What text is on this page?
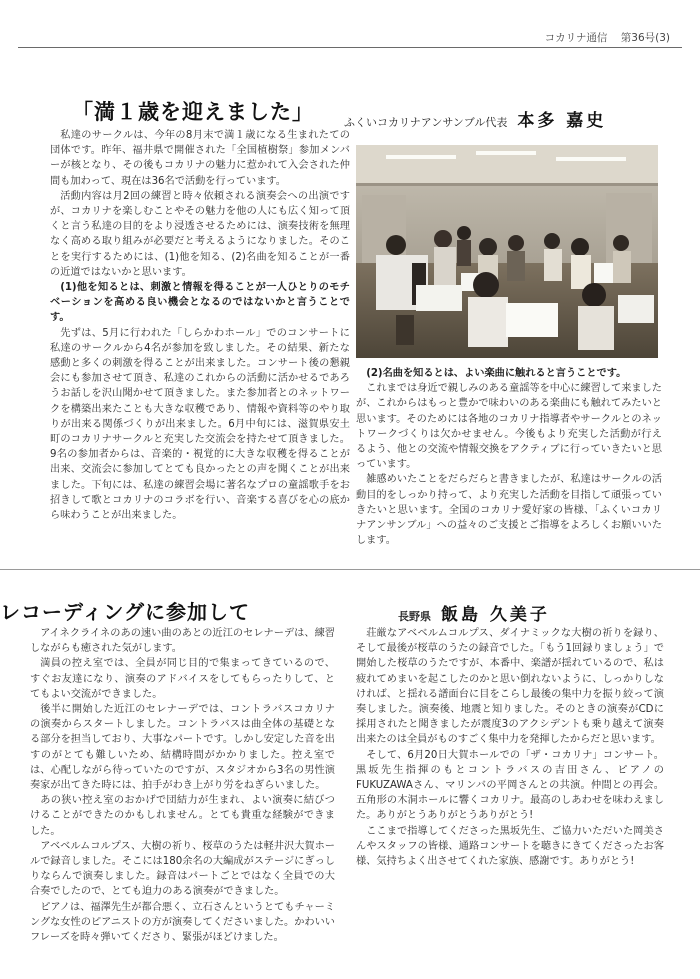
コカリナ通信 第36号(3)
「満１歳を迎えました」	ふくいコカリナアンサンブル代表 本多 嘉史

私達のサークルは、今年の8月末で満１歳になる生まれたての団体です。昨年、福井県で開催された「全国植樹祭」参加メンバーが核となり、その後もコカリナの魅力に惹かれて入会された仲間も加わって、現在は36名で活動を行っています。

活動内容は月2回の練習と時々依頼される演奏会への出演ですが、コカリナを楽しむことやその魅力を他の人にも広く知って頂くと言う私達の目的をより浸透させるためには、演奏技術を無理なく高める取り組みが必要だと考えるようになりました。そのことを実行するためには、(1)他を知る、(2)名曲を知ることが一番の近道ではないかと思います。

(1)他を知るとは、刺激と情報を得ることが一人ひとりのモチベーションを高める良い機会となるのではないかと言うことです。

先ずは、5月に行われた「しらかわホール」でのコンサートに私達のサークルから4名が参加を致しました。その結果、新たな感動と多くの刺激を得ることが出来ました。コンサート後の懇親会にも参加させて頂き、私達のこれからの活動に活かせるであろうお話しを沢山聞かせて頂きました。また参加者とのネットワークを構築出来たことも大きな収穫であり、情報や資料等のやり取りが出来る関係づくりが出来ました。6月中旬には、滋賀県安土町のコカリナサークルと充実した交流会を持たせて頂きました。9名の参加者からは、音楽的・視覚的に大きな収穫を得ることが出来、交流会に参加してとても良かったとの声を聞くことが出来ました。下旬には、私達の練習会場に著名なプロの童謡歌手をお招きして歌とコカリナのコラボを行い、音楽する喜びを心の底から味わうことが出来ました。

(2)名曲を知るとは、よい楽曲に触れると言うことです。

これまでは身近で親しみのある童謡等を中心に練習して来ましたが、これからはもっと豊かで味わいのある楽曲にも触れてみたいと思います。そのためには各地のコカリナ指導者やサークルとのネットワークづくりは欠かせません。今後もより充実した活動が行えるよう、他との交流や情報交換をアクティブに行っていきたいと思っています。

雑感めいたことをだらだらと書きましたが、私達はサークルの活動目的をしっかり持って、より充実した活動を目指して頑張っていきたいと思います。全国のコカリナ愛好家の皆様、「ふくいコカリナアンサンブル」への益々のご支援とご指導をよろしくお願いいたします。

レコーディングに参加して	長野県 飯島 久美子

アイネクライネのあの速い曲のあとの近江のセレナーデは、練習しながらも癒された気がします。

満員の控え室では、全員が同じ目的で集まってきているので、すぐお友達になり、演奏のアドバイスをしてもらったりして、とてもよい交流ができました。

後半に開始した近江のセレナーデでは、コントラバスコカリナの演奏からスタートしました。コントラバスは曲全体の基礎となる部分を担当しており、大事なパートです。しかし安定した音を出すのがとても難しいため、結構時間がかかりました。控え室では、心配しながら待っていたのですが、スタジオから3名の男性演奏家が出てきた時には、拍手がわき上がり労をねぎらいました。

あの狭い控え室のおかげで団結力が生まれ、よい演奏に結びつけることができたのかもしれません。とても貴重な経験ができました。

アベベルムコルプス、大樹の祈り、桜草のうたは軽井沢大賀ホールで録音しました。そこには180余名の大編成がステージにぎっしりならんで演奏しました。録音はパートごとではなく全員での大合奏でしたので、とても迫力のある演奏ができました。

ピアノは、福澤先生が都合悪く、立石さんというとてもチャーミングな女性のピアニストの方が演奏してくださいました。かわいいフレーズを時々弾いてくださり、緊張がほどけました。

荘厳なアベベルムコルプス、ダイナミックな大樹の祈りを録り、そして最後が桜草のうたの録音でした。「もう1回録りましょう」で開始した桜草のうたですが、本番中、楽譜が揺れているので、私は疲れてめまいを起こしたのかと思い倒れないように、しっかりしなければ、と揺れる譜面台に目をこらし最後の集中力を振り絞って演奏しました。演奏後、地震と知りました。そのときの演奏がCDに採用されたと聞きましたが震度3のアクシデントも乗り越えて演奏出来たのは全員がものすごく集中力を発揮したからだと思います。

そして、6月20日大賀ホールでの「ザ・コカリナ」コンサート。黒坂先生指揮のもとコントラバスの吉田さん、ピアノのFUKUZAWAさん、マリンバの平岡さんとの共演。仲間との再会。五角形の木洞ホールに響くコカリナ。最高のしあわせを味わえました。ありがとうありがとうありがとう!

ここまで指導してくださった黒坂先生、ご協力いただいた岡美さんやスタッフの皆様、通路コンサートを聴きにきてくださったお客様、気持ちよく出させてくれた家族、感謝です。ありがとう!
